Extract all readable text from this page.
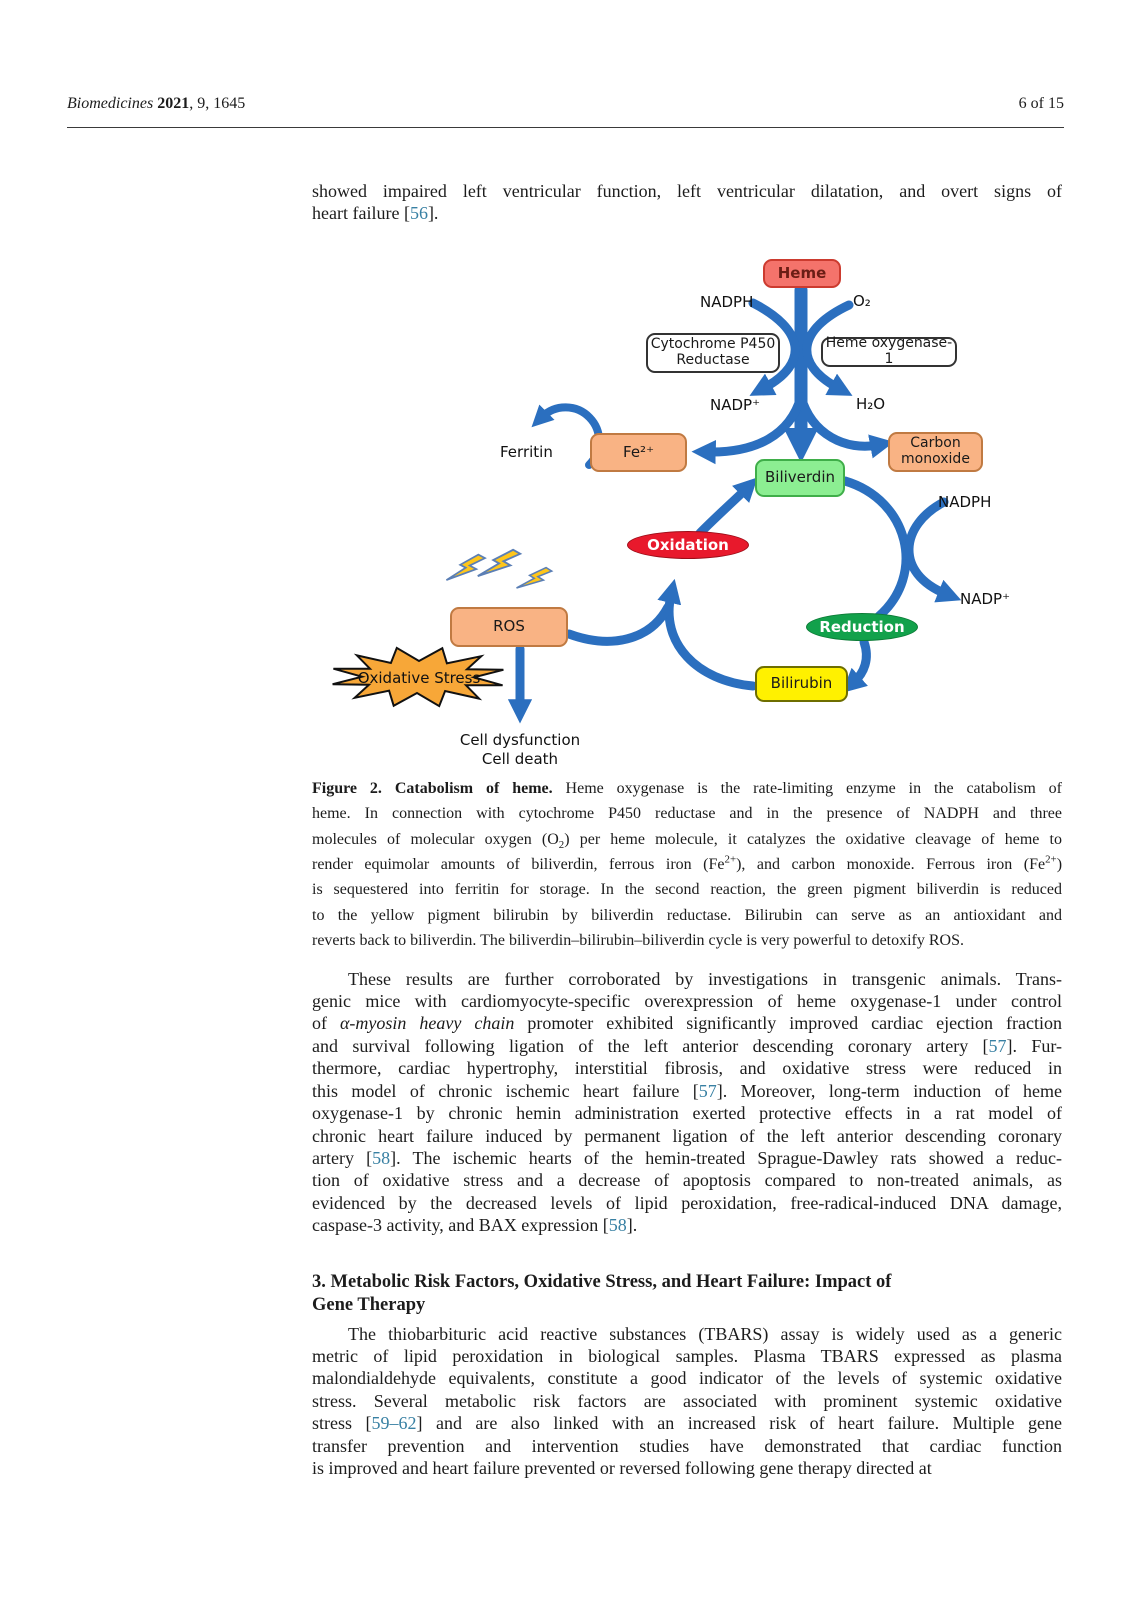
Biomedicines 2021, 9, 1645	6 of 15
showed impaired left ventricular function, left ventricular dilatation, and overt signs of
heart failure [56].
Heme
Cytochrome P450
Reductase
Heme oxygenase-1
Fe²⁺
Biliverdin
Carbon
monoxide
ROS
Bilirubin
Oxidation
Reduction
NADPH	O₂
NADP⁺	H₂O
Ferritin
NADPH
NADP⁺
Oxidative Stress
Cell dysfunction
Cell death
Figure 2. Catabolism of heme. Heme oxygenase is the rate-limiting enzyme in the catabolism of
heme. In connection with cytochrome P450 reductase and in the presence of NADPH and three
molecules of molecular oxygen $(O_2)$ per heme molecule, it catalyzes the oxidative cleavage of heme to
render equimolar amounts of biliverdin, ferrous iron $(Fe^{2+})$, and carbon monoxide. Ferrous iron $(Fe^{2+})$
is sequestered into ferritin for storage. In the second reaction, the green pigment biliverdin is reduced
to the yellow pigment bilirubin by biliverdin reductase. Bilirubin can serve as an antioxidant and
reverts back to biliverdin. The biliverdin–bilirubin–biliverdin cycle is very powerful to detoxify ROS.
These results are further corroborated by investigations in transgenic animals. Trans-
genic mice with cardiomyocyte-specific overexpression of heme oxygenase-1 under control
of α-myosin heavy chain promoter exhibited significantly improved cardiac ejection fraction
and survival following ligation of the left anterior descending coronary artery [57]. Fur-
thermore, cardiac hypertrophy, interstitial fibrosis, and oxidative stress were reduced in
this model of chronic ischemic heart failure [57]. Moreover, long-term induction of heme
oxygenase-1 by chronic hemin administration exerted protective effects in a rat model of
chronic heart failure induced by permanent ligation of the left anterior descending coronary
artery [58]. The ischemic hearts of the hemin-treated Sprague-Dawley rats showed a reduc-
tion of oxidative stress and a decrease of apoptosis compared to non-treated animals, as
evidenced by the decreased levels of lipid peroxidation, free-radical-induced DNA damage,
caspase-3 activity, and BAX expression [58].
3. Metabolic Risk Factors, Oxidative Stress, and Heart Failure: Impact of
Gene Therapy
The thiobarbituric acid reactive substances (TBARS) assay is widely used as a generic
metric of lipid peroxidation in biological samples. Plasma TBARS expressed as plasma
malondialdehyde equivalents, constitute a good indicator of the levels of systemic oxidative
stress. Several metabolic risk factors are associated with prominent systemic oxidative
stress [59–62] and are also linked with an increased risk of heart failure. Multiple gene
transfer prevention and intervention studies have demonstrated that cardiac function
is improved and heart failure prevented or reversed following gene therapy directed at
